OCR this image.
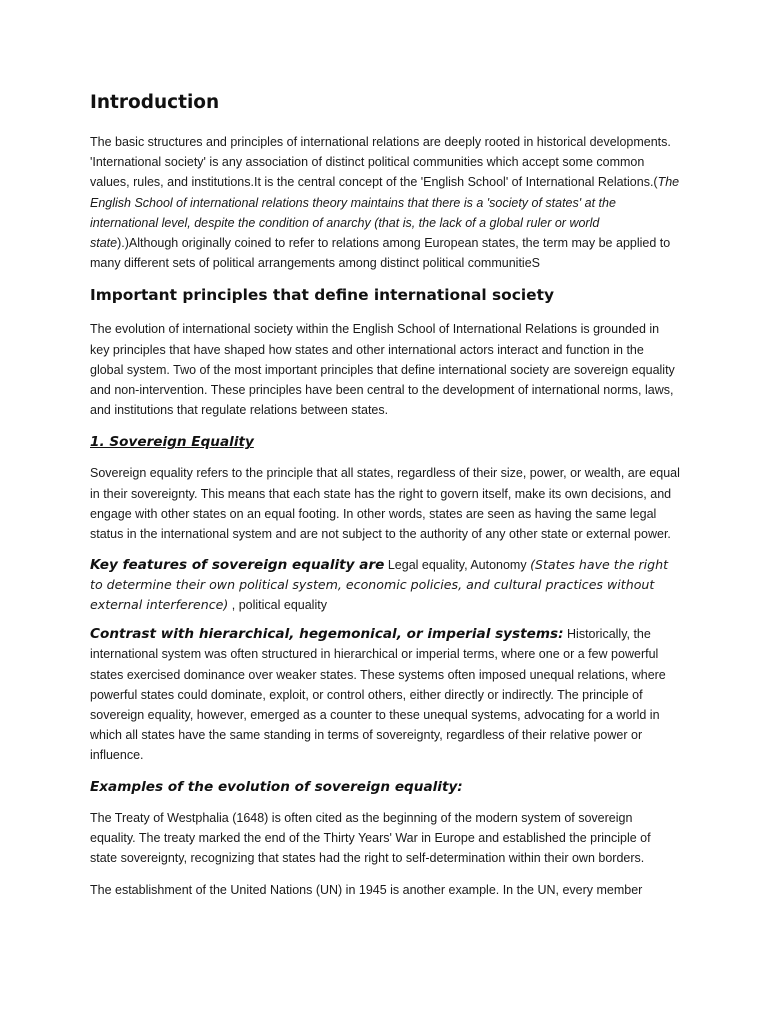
Introduction

The basic structures and principles of international relations are deeply rooted in historical developments. 'International society' is any association of distinct political communities which accept some common values, rules, and institutions.It is the central concept of the 'English School' of International Relations.(The English School of international relations theory maintains that there is a 'society of states' at the international level, despite the condition of anarchy (that is, the lack of a global ruler or world state).)Although originally coined to refer to relations among European states, the term may be applied to many different sets of political arrangements among distinct political communitieS

Important principles that define international society

The evolution of international society within the English School of International Relations is grounded in key principles that have shaped how states and other international actors interact and function in the global system. Two of the most important principles that define international society are sovereign equality and non-intervention. These principles have been central to the development of international norms, laws, and institutions that regulate relations between states.

1. Sovereign Equality

Sovereign equality refers to the principle that all states, regardless of their size, power, or wealth, are equal in their sovereignty. This means that each state has the right to govern itself, make its own decisions, and engage with other states on an equal footing. In other words, states are seen as having the same legal status in the international system and are not subject to the authority of any other state or external power.

Key features of sovereign equality are Legal equality, Autonomy (States have the right to determine their own political system, economic policies, and cultural practices without external interference) , political equality

Contrast with hierarchical, hegemonical, or imperial systems: Historically, the international system was often structured in hierarchical or imperial terms, where one or a few powerful states exercised dominance over weaker states. These systems often imposed unequal relations, where powerful states could dominate, exploit, or control others, either directly or indirectly. The principle of sovereign equality, however, emerged as a counter to these unequal systems, advocating for a world in which all states have the same standing in terms of sovereignty, regardless of their relative power or influence.

Examples of the evolution of sovereign equality:

The Treaty of Westphalia (1648) is often cited as the beginning of the modern system of sovereign equality. The treaty marked the end of the Thirty Years' War in Europe and established the principle of state sovereignty, recognizing that states had the right to self-determination within their own borders.

The establishment of the United Nations (UN) in 1945 is another example. In the UN, every member
